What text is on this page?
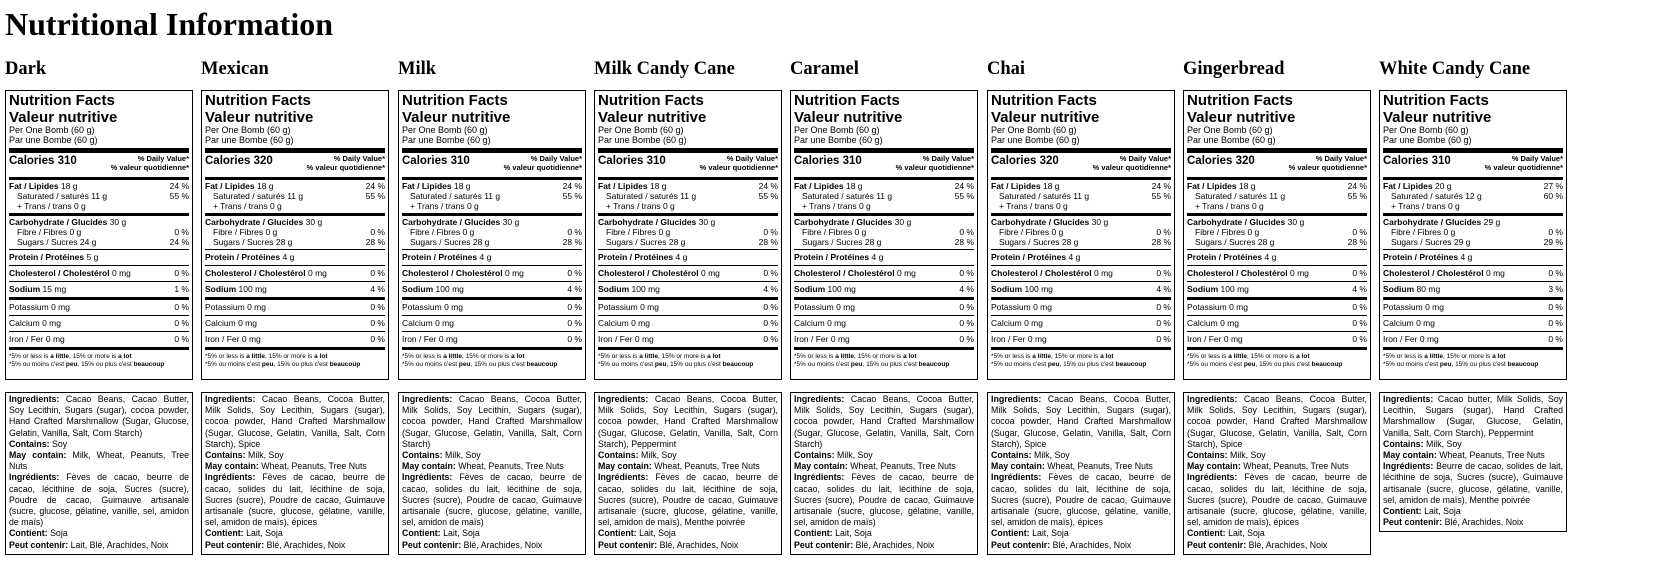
Nutritional Information
Dark
Nutrition Facts
Valeur nutritive
Per One Bomb (60 g)
Par une Bombe (60 g)
Calories 310	% Daily Value*
% valeur quotidienne*
Fat / Lipides 18 g	24 %
Saturated / saturés 11 g	55 %
+ Trans / trans 0 g
Carbohydrate / Glucides 30 g
Fibre / Fibres 0 g	0 %
Sugars / Sucres 24 g	24 %
Protein / Protéines 5 g
Cholesterol / Cholestérol 0 mg	0 %
Sodium 15 mg	1 %
Potassium 0 mg	0 %
Calcium 0 mg	0 %
Iron / Fer 0 mg	0 %
*5% or less is a little, 15% or more is a lot
*5% ou moins c'est peu, 15% ou plus c'est beaucoup

Ingredients: Cacao Beans, Cacao Butter, Soy Lecithin, Sugars (sugar), cocoa powder, Hand Crafted Marshmallow (Sugar, Glucose, Gelatin, Vanilla, Salt, Corn Starch)

Contains: Soy

May contain: Milk, Wheat, Peanuts, Tree Nuts

Ingrédients: Fèves de cacao, beurre de cacao, lécithine de soja, Sucres (sucre), Poudre de cacao, Guimauve artisanale (sucre, glucose, gélatine, vanille, sel, amidon de maïs)

Contient: Soja

Peut contenir: Lait, Blé, Arachides, Noix

Mexican
Nutrition Facts
Valeur nutritive
Per One Bomb (60 g)
Par une Bombe (60 g)
Calories 320	% Daily Value*
% valeur quotidienne*
Fat / Lipides 18 g	24 %
Saturated / saturés 11 g	55 %
+ Trans / trans 0 g
Carbohydrate / Glucides 30 g
Fibre / Fibres 0 g	0 %
Sugars / Sucres 28 g	28 %
Protein / Protéines 4 g
Cholesterol / Cholestérol 0 mg	0 %
Sodium 100 mg	4 %
Potassium 0 mg	0 %
Calcium 0 mg	0 %
Iron / Fer 0 mg	0 %
*5% or less is a little, 15% or more is a lot
*5% ou moins c'est peu, 15% ou plus c'est beaucoup

Ingredients: Cacao Beans, Cocoa Butter, Milk Solids, Soy Lecithin, Sugars (sugar), cocoa powder, Hand Crafted Marshmallow (Sugar, Glucose, Gelatin, Vanilla, Salt, Corn Starch), Spice

Contains: Milk, Soy

May contain: Wheat, Peanuts, Tree Nuts

Ingrédients: Fèves de cacao, beurre de cacao, solides du lait, lécithine de soja, Sucres (sucre), Poudre de cacao, Guimauve artisanale (sucre, glucose, gélatine, vanille, sel, amidon de maïs), épices

Contient: Lait, Soja

Peut contenir: Blé, Arachides, Noix

Milk
Nutrition Facts
Valeur nutritive
Per One Bomb (60 g)
Par une Bombe (60 g)
Calories 310	% Daily Value*
% valeur quotidienne*
Fat / Lipides 18 g	24 %
Saturated / saturés 11 g	55 %
+ Trans / trans 0 g
Carbohydrate / Glucides 30 g
Fibre / Fibres 0 g	0 %
Sugars / Sucres 28 g	28 %
Protein / Protéines 4 g
Cholesterol / Cholestérol 0 mg	0 %
Sodium 100 mg	4 %
Potassium 0 mg	0 %
Calcium 0 mg	0 %
Iron / Fer 0 mg	0 %
*5% or less is a little, 15% or more is a lot
*5% ou moins c'est peu, 15% ou plus c'est beaucoup

Ingredients: Cacao Beans, Cocoa Butter, Milk Solids, Soy Lecithin, Sugars (sugar), cocoa powder, Hand Crafted Marshmallow (Sugar, Glucose, Gelatin, Vanilla, Salt, Corn Starch)

Contains: Milk, Soy

May contain: Wheat, Peanuts, Tree Nuts

Ingrédients: Fèves de cacao, beurre de cacao, solides du lait, lécithine de soja, Sucres (sucre), Poudre de cacao, Guimauve artisanale (sucre, glucose, gélatine, vanille, sel, amidon de maïs)

Contient: Lait, Soja

Peut contenir: Blé, Arachides, Noix

Milk Candy Cane
Nutrition Facts
Valeur nutritive
Per One Bomb (60 g)
Par une Bombe (60 g)
Calories 310	% Daily Value*
% valeur quotidienne*
Fat / Lipides 18 g	24 %
Saturated / saturés 11 g	55 %
+ Trans / trans 0 g
Carbohydrate / Glucides 30 g
Fibre / Fibres 0 g	0 %
Sugars / Sucres 28 g	28 %
Protein / Protéines 4 g
Cholesterol / Cholestérol 0 mg	0 %
Sodium 100 mg	4 %
Potassium 0 mg	0 %
Calcium 0 mg	0 %
Iron / Fer 0 mg	0 %
*5% or less is a little, 15% or more is a lot
*5% ou moins c'est peu, 15% ou plus c'est beaucoup

Ingredients: Cacao Beans, Cocoa Butter, Milk Solids, Soy Lecithin, Sugars (sugar), cocoa powder, Hand Crafted Marshmallow (Sugar, Glucose, Gelatin, Vanilla, Salt, Corn Starch), Peppermint

Contains: Milk, Soy

May contain: Wheat, Peanuts, Tree Nuts

Ingrédients: Fèves de cacao, beurre de cacao, solides du lait, lécithine de soja, Sucres (sucre), Poudre de cacao, Guimauve artisanale (sucre, glucose, gélatine, vanille, sel, amidon de maïs), Menthe poivrée

Contient: Lait, Soja

Peut contenir: Blé, Arachides, Noix

Caramel
Nutrition Facts
Valeur nutritive
Per One Bomb (60 g)
Par une Bombe (60 g)
Calories 310	% Daily Value*
% valeur quotidienne*
Fat / Lipides 18 g	24 %
Saturated / saturés 11 g	55 %
+ Trans / trans 0 g
Carbohydrate / Glucides 30 g
Fibre / Fibres 0 g	0 %
Sugars / Sucres 28 g	28 %
Protein / Protéines 4 g
Cholesterol / Cholestérol 0 mg	0 %
Sodium 100 mg	4 %
Potassium 0 mg	0 %
Calcium 0 mg	0 %
Iron / Fer 0 mg	0 %
*5% or less is a little, 15% or more is a lot
*5% ou moins c'est peu, 15% ou plus c'est beaucoup

Ingredients: Cacao Beans, Cocoa Butter, Milk Solids, Soy Lecithin, Sugars (sugar), cocoa powder, Hand Crafted Marshmallow (Sugar, Glucose, Gelatin, Vanilla, Salt, Corn Starch)

Contains: Milk, Soy

May contain: Wheat, Peanuts, Tree Nuts

Ingrédients: Fèves de cacao, beurre de cacao, solides du lait, lécithine de soja, Sucres (sucre), Poudre de cacao, Guimauve artisanale (sucre, glucose, gélatine, vanille, sel, amidon de maïs)

Contient: Lait, Soja

Peut contenir: Blé, Arachides, Noix

Chai
Nutrition Facts
Valeur nutritive
Per One Bomb (60 g)
Par une Bombe (60 g)
Calories 320	% Daily Value*
% valeur quotidienne*
Fat / Lipides 18 g	24 %
Saturated / saturés 11 g	55 %
+ Trans / trans 0 g
Carbohydrate / Glucides 30 g
Fibre / Fibres 0 g	0 %
Sugars / Sucres 28 g	28 %
Protein / Protéines 4 g
Cholesterol / Cholestérol 0 mg	0 %
Sodium 100 mg	4 %
Potassium 0 mg	0 %
Calcium 0 mg	0 %
Iron / Fer 0 mg	0 %
*5% or less is a little, 15% or more is a lot
*5% ou moins c'est peu, 15% ou plus c'est beaucoup

Ingredients: Cacao Beans, Cocoa Butter, Milk Solids, Soy Lecithin, Sugars (sugar), cocoa powder, Hand Crafted Marshmallow (Sugar, Glucose, Gelatin, Vanilla, Salt, Corn Starch), Spice

Contains: Milk, Soy

May contain: Wheat, Peanuts, Tree Nuts

Ingrédients: Fèves de cacao, beurre de cacao, solides du lait, lécithine de soja, Sucres (sucre), Poudre de cacao, Guimauve artisanale (sucre, glucose, gélatine, vanille, sel, amidon de maïs), épices

Contient: Lait, Soja

Peut contenir: Blé, Arachides, Noix

Gingerbread
Nutrition Facts
Valeur nutritive
Per One Bomb (60 g)
Par une Bombe (60 g)
Calories 320	% Daily Value*
% valeur quotidienne*
Fat / Lipides 18 g	24 %
Saturated / saturés 11 g	55 %
+ Trans / trans 0 g
Carbohydrate / Glucides 30 g
Fibre / Fibres 0 g	0 %
Sugars / Sucres 28 g	28 %
Protein / Protéines 4 g
Cholesterol / Cholestérol 0 mg	0 %
Sodium 100 mg	4 %
Potassium 0 mg	0 %
Calcium 0 mg	0 %
Iron / Fer 0 mg	0 %
*5% or less is a little, 15% or more is a lot
*5% ou moins c'est peu, 15% ou plus c'est beaucoup

Ingredients: Cacao Beans, Cocoa Butter, Milk Solids, Soy Lecithin, Sugars (sugar), cocoa powder, Hand Crafted Marshmallow (Sugar, Glucose, Gelatin, Vanilla, Salt, Corn Starch), Spice

Contains: Milk, Soy

May contain: Wheat, Peanuts, Tree Nuts

Ingrédients: Fèves de cacao, beurre de cacao, solides du lait, lécithine de soja, Sucres (sucre), Poudre de cacao, Guimauve artisanale (sucre, glucose, gélatine, vanille, sel, amidon de maïs), épices

Contient: Lait, Soja

Peut contenir: Blé, Arachides, Noix

White Candy Cane
Nutrition Facts
Valeur nutritive
Per One Bomb (60 g)
Par une Bombe (60 g)
Calories 310	% Daily Value*
% valeur quotidienne*
Fat / Lipides 20 g	27 %
Saturated / saturés 12 g	60 %
+ Trans / trans 0 g
Carbohydrate / Glucides 29 g
Fibre / Fibres 0 g	0 %
Sugars / Sucres 29 g	29 %
Protein / Protéines 4 g
Cholesterol / Cholestérol 0 mg	0 %
Sodium 80 mg	3 %
Potassium 0 mg	0 %
Calcium 0 mg	0 %
Iron / Fer 0 mg	0 %
*5% or less is a little, 15% or more is a lot
*5% ou moins c'est peu, 15% ou plus c'est beaucoup

Ingredients: Cacao butter, Milk Solids, Soy Lecithin, Sugars (sugar), Hand Crafted Marshmallow (Sugar, Glucose, Gelatin, Vanilla, Salt, Corn Starch), Peppermint

Contains: Milk, Soy

May contain: Wheat, Peanuts, Tree Nuts

Ingrédients: Beurre de cacao, solides de lait, lécithine de soja, Sucres (sucre), Guimauve artisanale (sucre, glucose, gélatine, vanille, sel, amidon de maïs), Menthe poivrée

Contient: Lait, Soja

Peut contenir: Blé, Arachides, Noix
